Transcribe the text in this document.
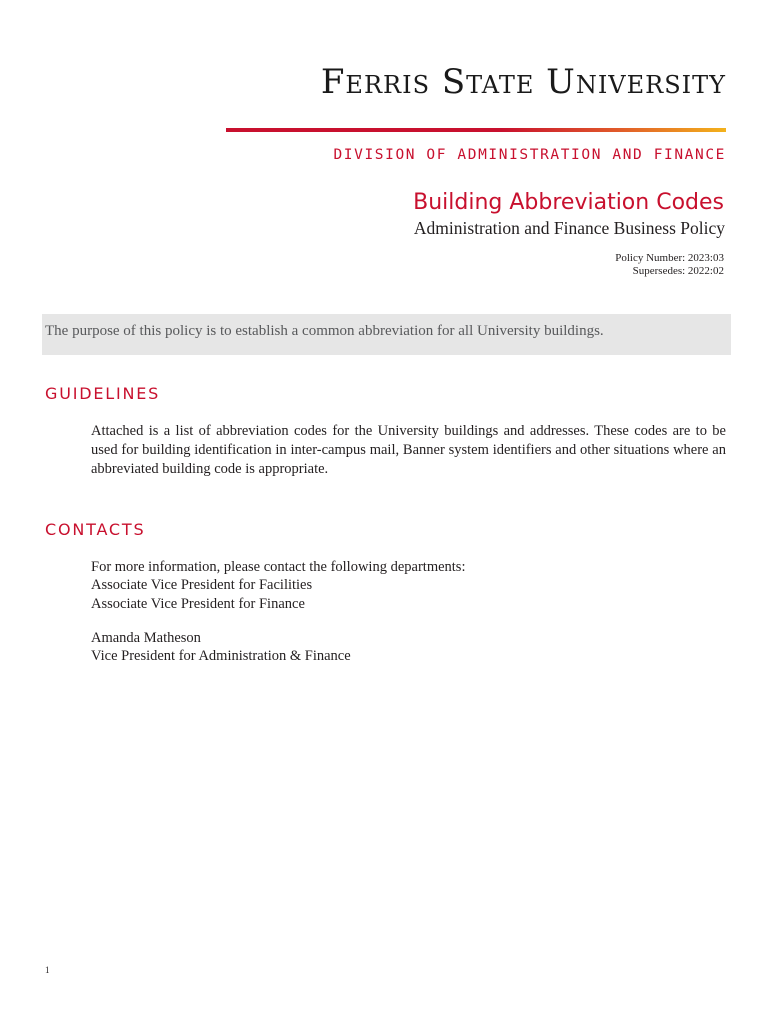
Ferris State University
DIVISION OF ADMINISTRATION AND FINANCE
Building Abbreviation Codes
Administration and Finance Business Policy
Policy Number: 2023:03
Supersedes: 2022:02
The purpose of this policy is to establish a common abbreviation for all University buildings.
GUIDELINES
Attached is a list of abbreviation codes for the University buildings and addresses. These codes are to be used for building identification in inter-campus mail, Banner system identifiers and other situations where an abbreviated building code is appropriate.
CONTACTS
For more information, please contact the following departments:
Associate Vice President for Facilities
Associate Vice President for Finance
Amanda Matheson
Vice President for Administration & Finance
1
